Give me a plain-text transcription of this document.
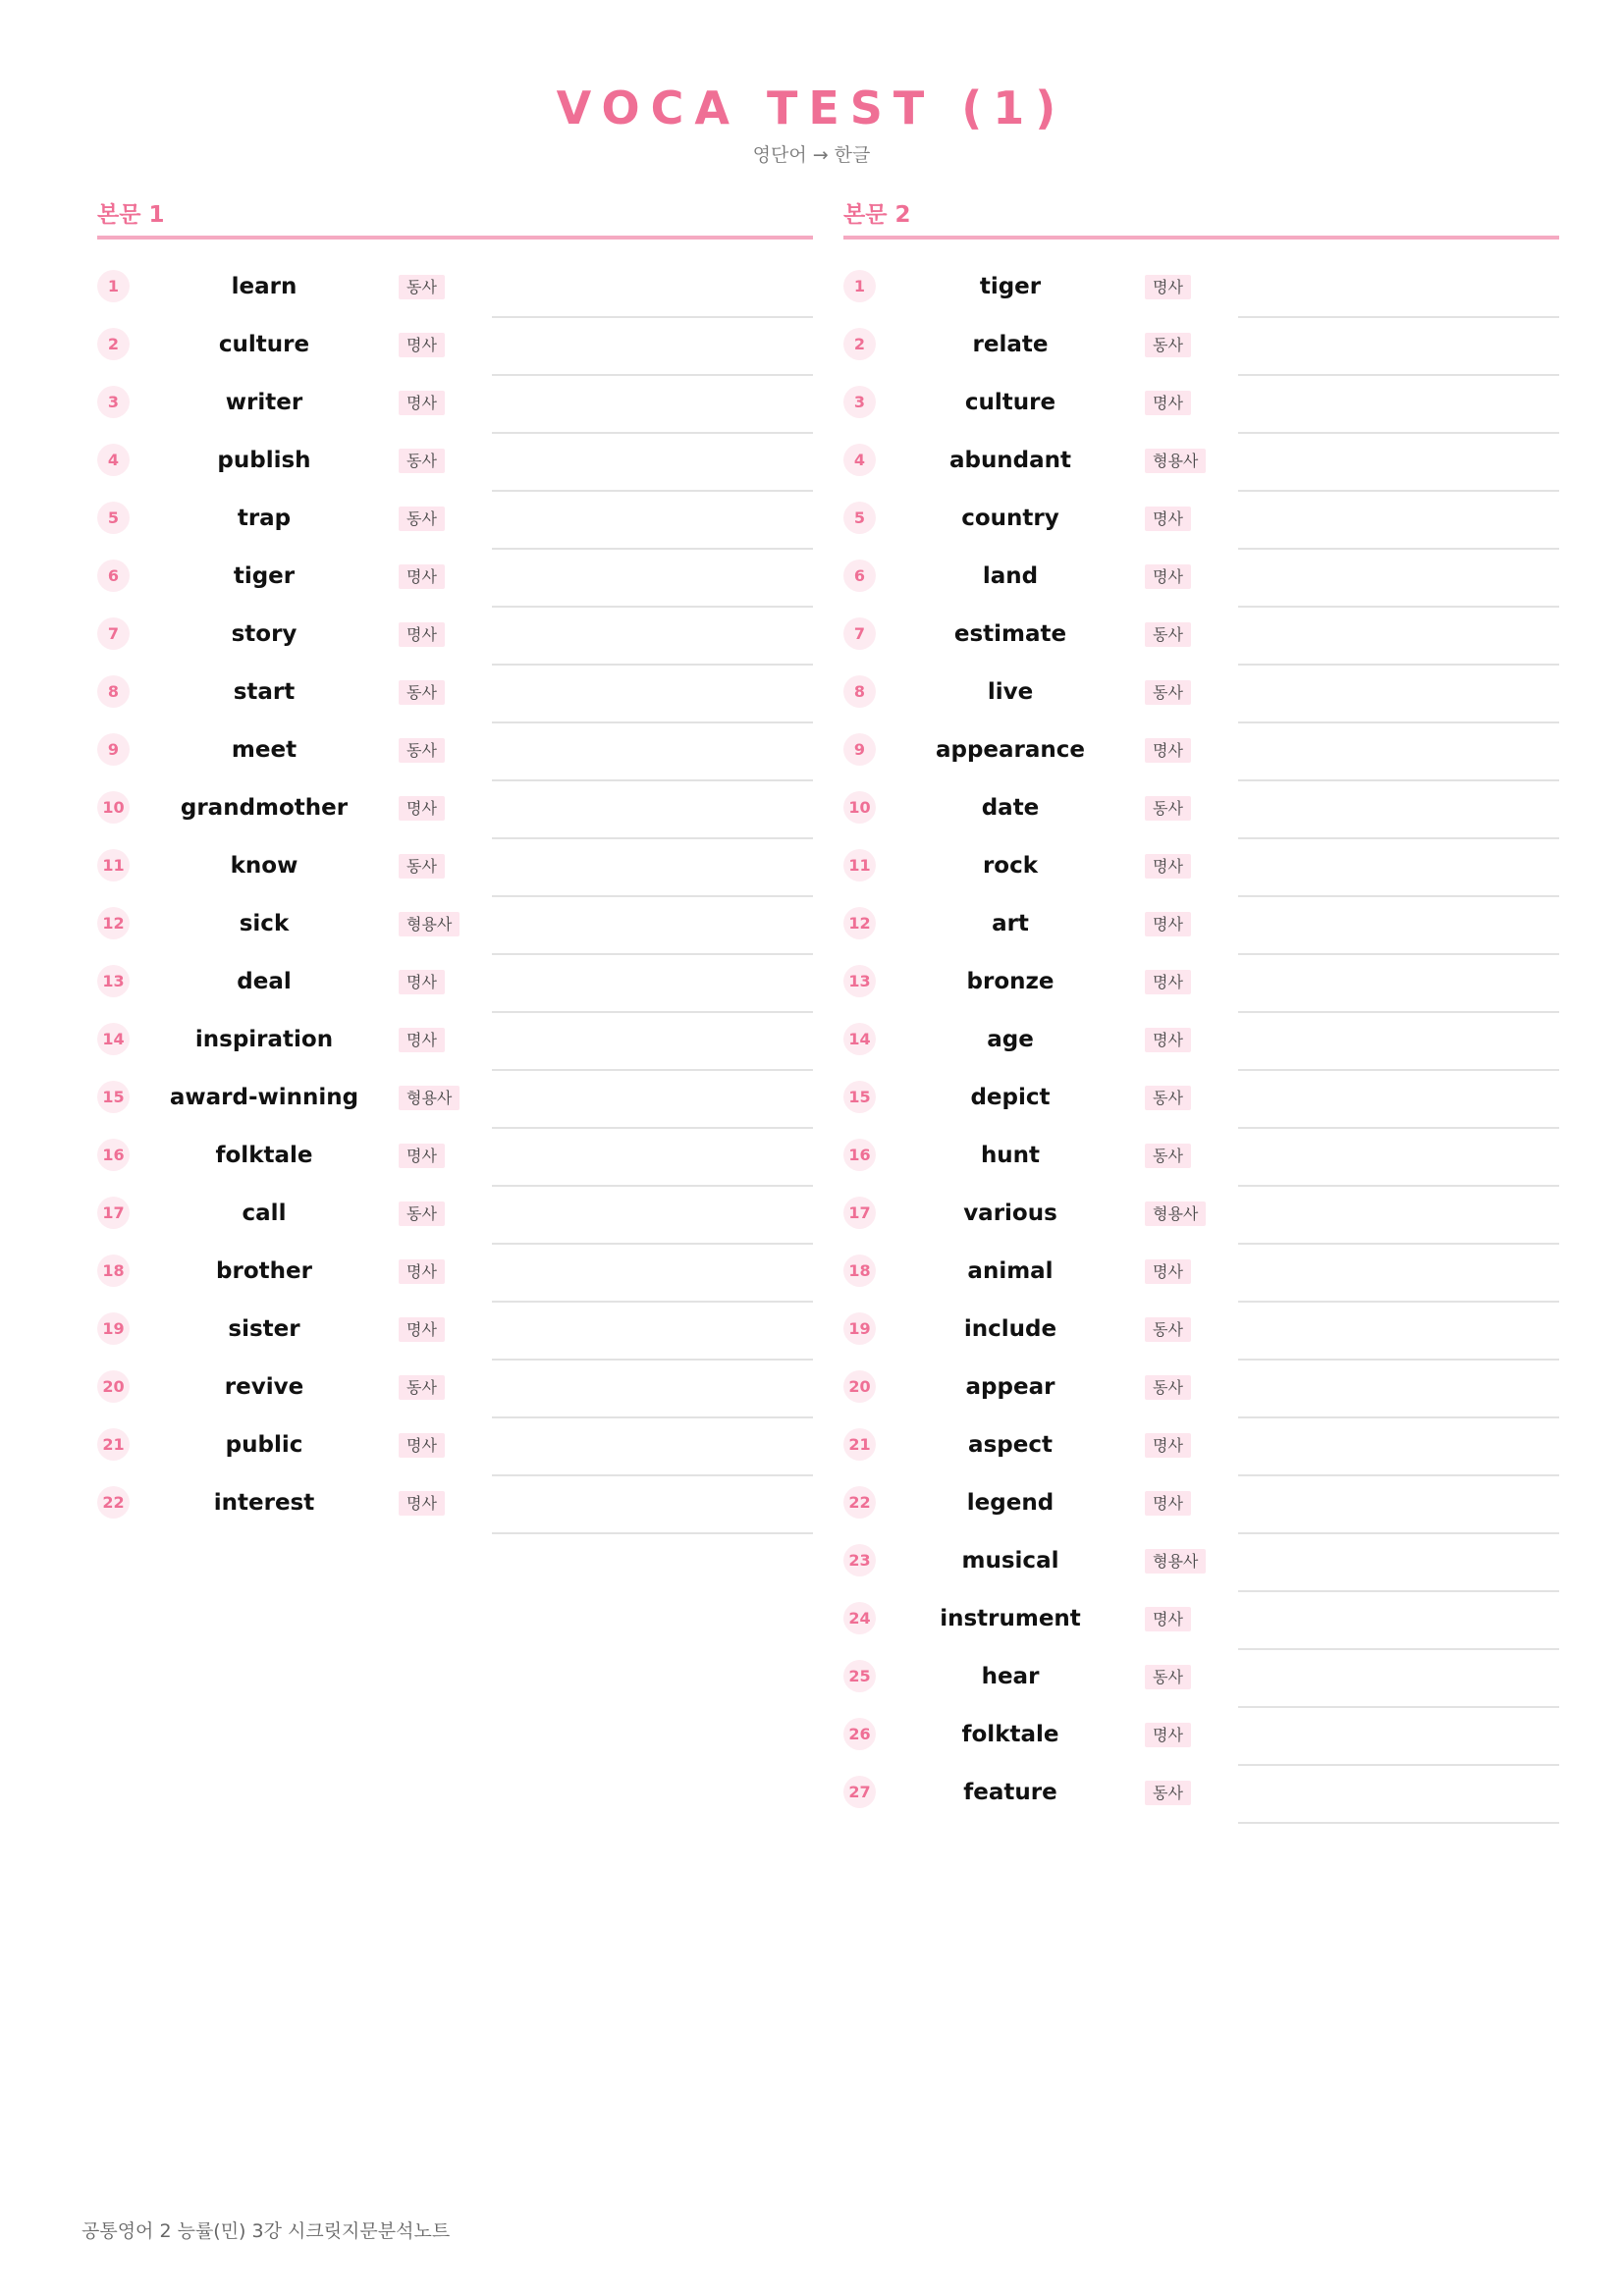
VOCA TEST (1)
영단어 → 한글
본문 1
1	learn	동사
2	culture	명사
3	writer	명사
4	publish	동사
5	trap	동사
6	tiger	명사
7	story	명사
8	start	동사
9	meet	동사
10	grandmother	명사
11	know	동사
12	sick	형용사
13	deal	명사
14	inspiration	명사
15 award-winning	형용사
16	folktale	명사
17	call	동사
18	brother	명사
19	sister	명사
20	revive	동사
21	public	명사
22	interest	명사
본문 2
1	tiger	명사
2	relate	동사
3	culture	명사
4	abundant	형용사
5	country	명사
6	land	명사
7	estimate	동사
8	live	동사
9	appearance	명사
10	date	동사
11	rock	명사
12	art	명사
13	bronze	명사
14	age	명사
15	depict	동사
16	hunt	동사
17	various	형용사
18	animal	명사
19	include	동사
20	appear	동사
21	aspect	명사
22	legend	명사
23	musical	형용사
24	instrument	명사
25	hear	동사
26	folktale	명사
27	feature	동사
공통영어 2 능률(민) 3강 시크릿지문분석노트
